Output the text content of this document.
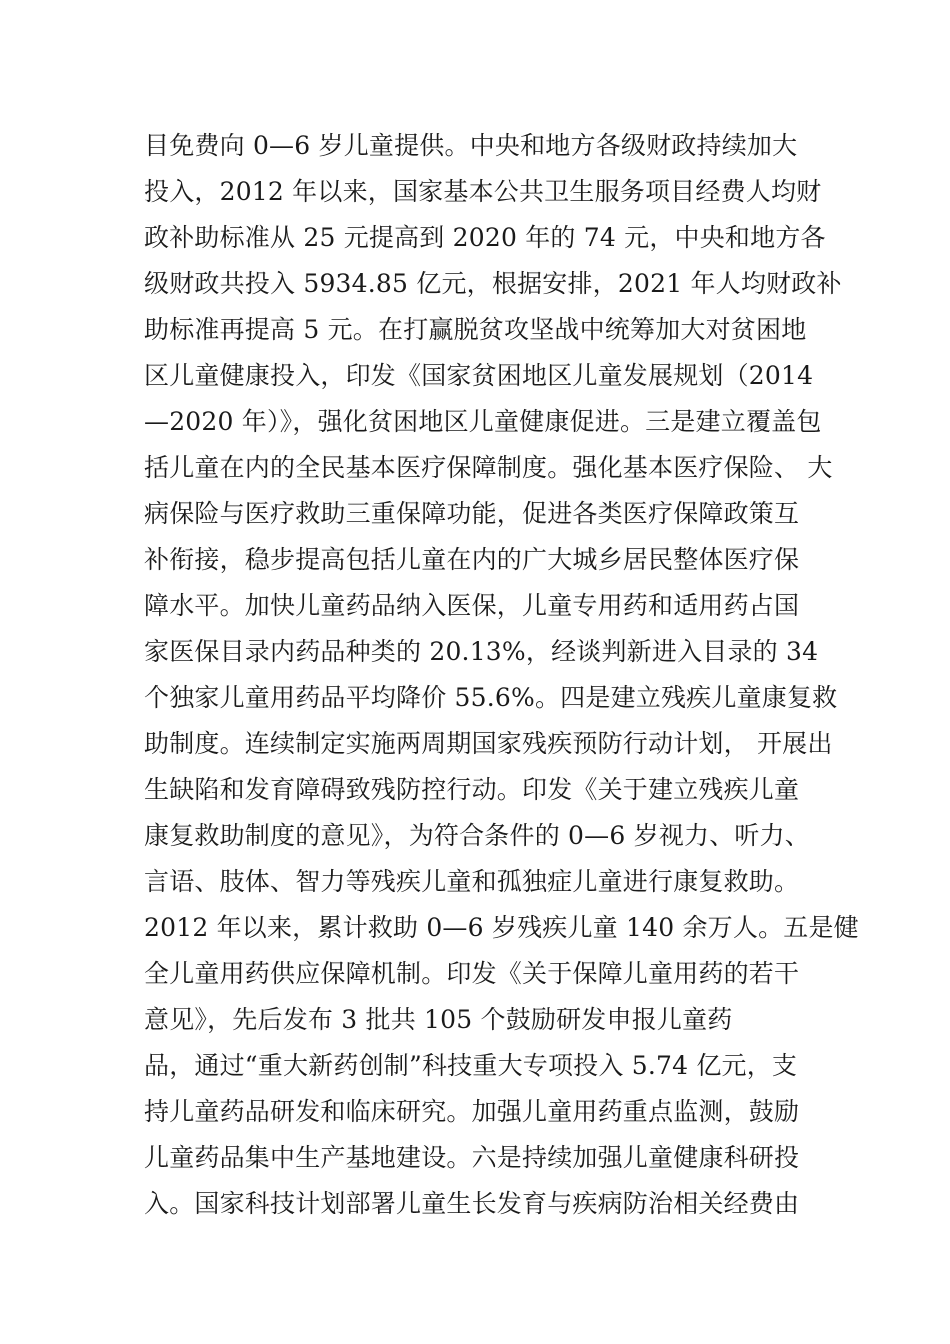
目免费向 0—6 岁儿童提供。中央和地方各级财政持续加大
投入，2012 年以来，国家基本公共卫生服务项目经费人均财
政补助标准从 25 元提高到 2020 年的 74 元，中央和地方各
级财政共投入 5934.85 亿元，根据安排，2021 年人均财政补
助标准再提高 5 元。在打赢脱贫攻坚战中统筹加大对贫困地
区儿童健康投入，印发《国家贫困地区儿童发展规划（2014
—2020 年）》，强化贫困地区儿童健康促进。三是建立覆盖包
括儿童在内的全民基本医疗保障制度。强化基本医疗保险、 大
病保险与医疗救助三重保障功能，促进各类医疗保障政策互
补衔接，稳步提高包括儿童在内的广大城乡居民整体医疗保
障水平。加快儿童药品纳入医保，儿童专用药和适用药占国
家医保目录内药品种类的 20.13%，经谈判新进入目录的 34
个独家儿童用药品平均降价 55.6%。四是建立残疾儿童康复救
助制度。连续制定实施两周期国家残疾预防行动计划， 开展出
生缺陷和发育障碍致残防控行动。印发《关于建立残疾儿童
康复救助制度的意见》，为符合条件的 0—6 岁视力、听力、
言语、肢体、智力等残疾儿童和孤独症儿童进行康复救助。
2012 年以来，累计救助 0—6 岁残疾儿童 140 余万人。五是健
全儿童用药供应保障机制。印发《关于保障儿童用药的若干
意见》，先后发布 3 批共 105 个鼓励研发申报儿童药
品，通过“重大新药创制”科技重大专项投入 5.74 亿元，支
持儿童药品研发和临床研究。加强儿童用药重点监测，鼓励
儿童药品集中生产基地建设。六是持续加强儿童健康科研投
入。国家科技计划部署儿童生长发育与疾病防治相关经费由
